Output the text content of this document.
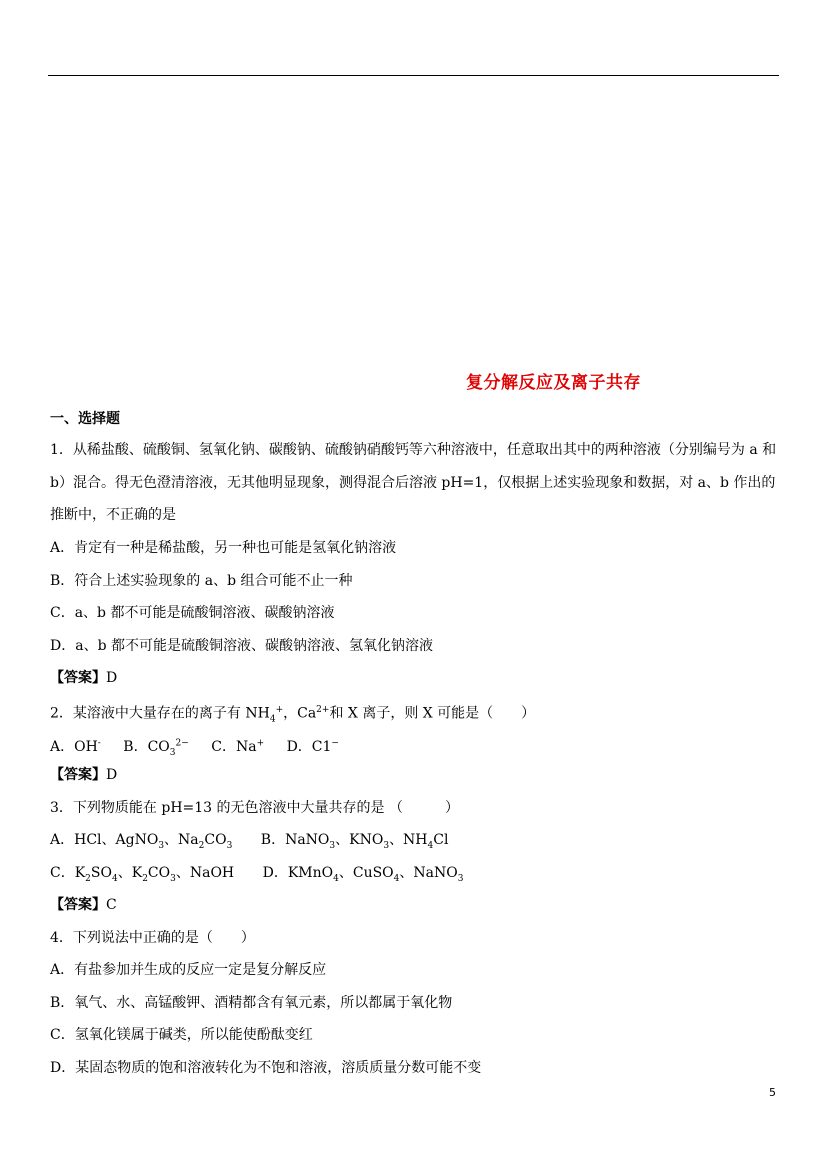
复分解反应及离子共存
一、选择题
1．从稀盐酸、硫酸铜、氢氧化钠、碳酸钠、硫酸钠硝酸钙等六种溶液中，任意取出其中的两种溶液（分别编号为 a 和b）混合。得无色澄清溶液，无其他明显现象，测得混合后溶液 pH=1，仅根据上述实验现象和数据，对 a、b 作出的推断中，不正确的是
A．肯定有一种是稀盐酸，另一种也可能是氢氧化钠溶液
B．符合上述实验现象的 a、b 组合可能不止一种
C．a、b 都不可能是硫酸铜溶液、碳酸钠溶液
D．a、b 都不可能是硫酸铜溶液、碳酸钠溶液、氢氧化钠溶液
【答案】D
2．某溶液中大量存在的离子有 $NH_4^+$，$Ca^{2+}$和 X 离子，则 X 可能是（　　）
A．OH- B．$CO_3^{2-}$ C．Na+ D．C1−
【答案】D
3．下列物质能在 pH=13 的无色溶液中大量共存的是 （　　　）
A．HCl、AgNO$_3$、$Na_2CO_3$ B．NaNO$_3$、$KNO_3$、$NH_4Cl$
C．$K_2SO_4$、$K_2CO_3$、NaOH D．KMnO$_4$、CuSO$_4$、NaNO$_3$
【答案】C
4．下列说法中正确的是（　　）
A．有盐参加并生成的反应一定是复分解反应
B．氧气、水、高锰酸钾、酒精都含有氧元素，所以都属于氧化物
C．氢氧化镁属于碱类，所以能使酚酞变红
D．某固态物质的饱和溶液转化为不饱和溶液，溶质质量分数可能不变
5
